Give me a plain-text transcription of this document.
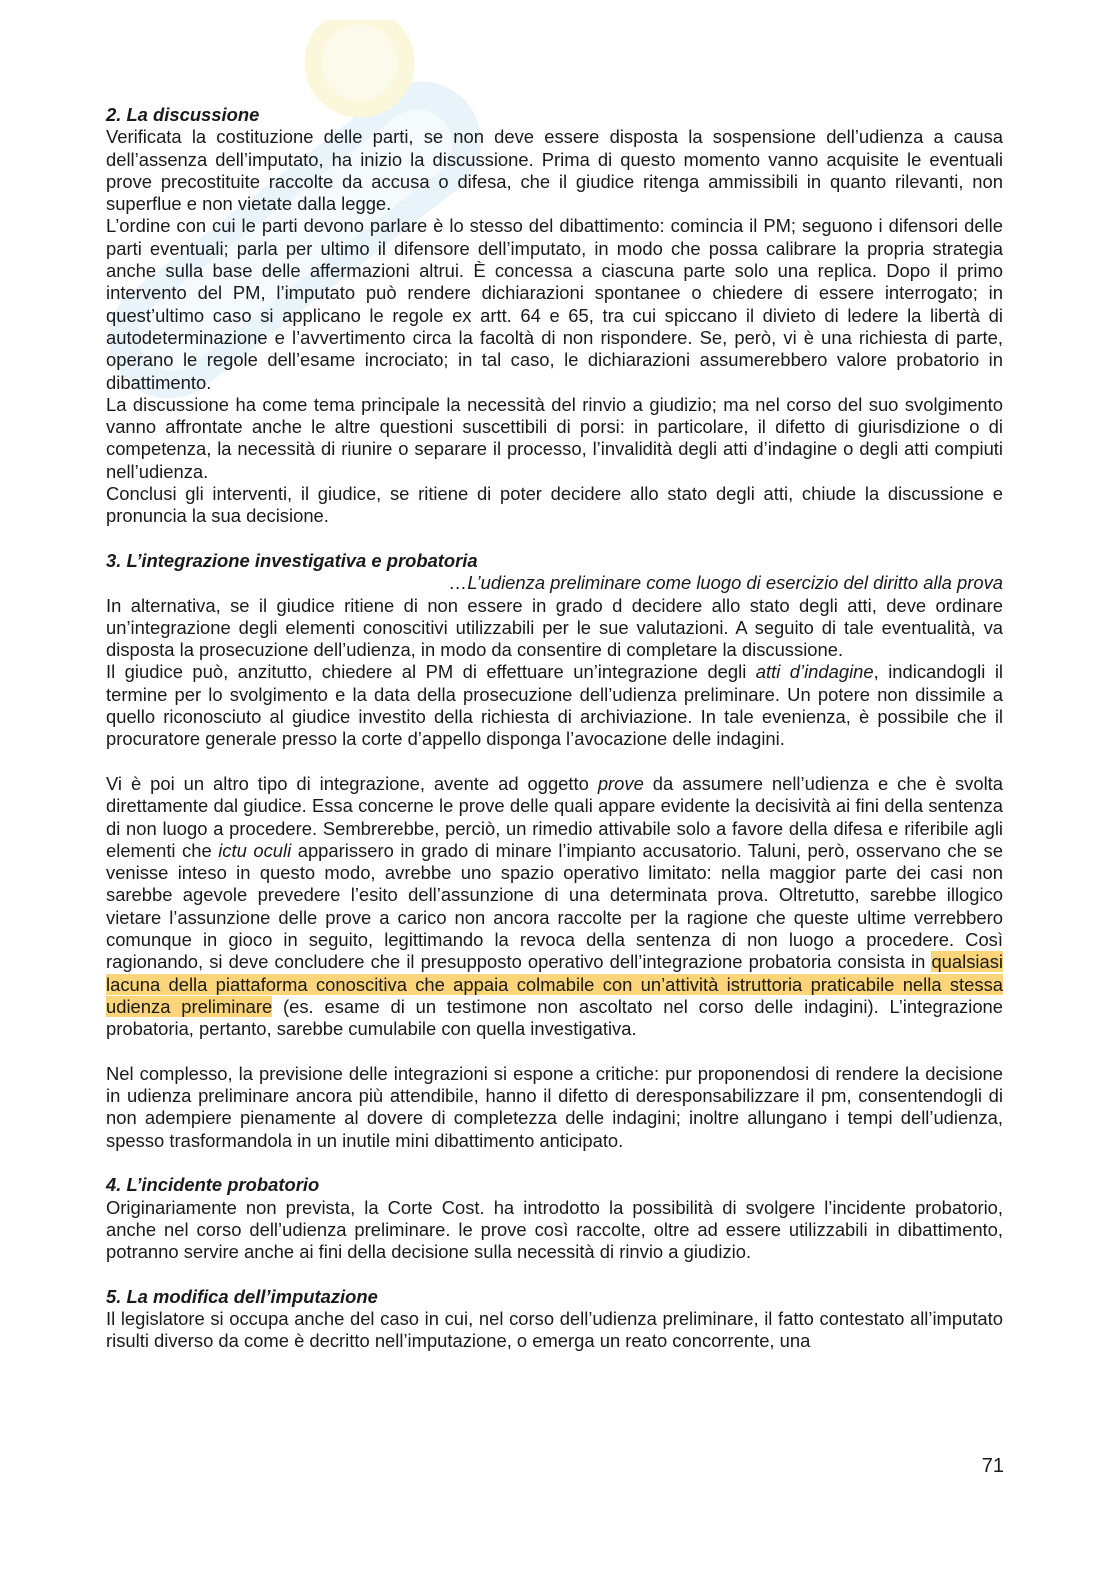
2. La discussione

Verificata la costituzione delle parti, se non deve essere disposta la sospensione dell’udienza a causa dell’assenza dell’imputato, ha inizio la discussione. Prima di questo momento vanno acquisite le eventuali prove precostituite raccolte da accusa o difesa, che il giudice ritenga ammissibili in quanto rilevanti, non superflue e non vietate dalla legge.

L’ordine con cui le parti devono parlare è lo stesso del dibattimento: comincia il PM; seguono i difensori delle parti eventuali; parla per ultimo il difensore dell’imputato, in modo che possa calibrare la propria strategia anche sulla base delle affermazioni altrui. È concessa a ciascuna parte solo una replica. Dopo il primo intervento del PM, l’imputato può rendere dichiarazioni spontanee o chiedere di essere interrogato; in quest’ultimo caso si applicano le regole ex artt. 64 e 65, tra cui spiccano il divieto di ledere la libertà di autodeterminazione e l’avvertimento circa la facoltà di non rispondere. Se, però, vi è una richiesta di parte, operano le regole dell’esame incrociato; in tal caso, le dichiarazioni assumerebbero valore probatorio in dibattimento.

La discussione ha come tema principale la necessità del rinvio a giudizio; ma nel corso del suo svolgimento vanno affrontate anche le altre questioni suscettibili di porsi: in particolare, il difetto di giurisdizione o di competenza, la necessità di riunire o separare il processo, l’invalidità degli atti d’indagine o degli atti compiuti nell’udienza.

Conclusi gli interventi, il giudice, se ritiene di poter decidere allo stato degli atti, chiude la discussione e pronuncia la sua decisione.

3. L’integrazione investigativa e probatoria

…L’udienza preliminare come luogo di esercizio del diritto alla prova

In alternativa, se il giudice ritiene di non essere in grado d decidere allo stato degli atti, deve ordinare un’integrazione degli elementi conoscitivi utilizzabili per le sue valutazioni. A seguito di tale eventualità, va disposta la prosecuzione dell’udienza, in modo da consentire di completare la discussione.

Il giudice può, anzitutto, chiedere al PM di effettuare un’integrazione degli atti d’indagine, indicandogli il termine per lo svolgimento e la data della prosecuzione dell’udienza preliminare. Un potere non dissimile a quello riconosciuto al giudice investito della richiesta di archiviazione. In tale evenienza, è possibile che il procuratore generale presso la corte d’appello disponga l’avocazione delle indagini.

Vi è poi un altro tipo di integrazione, avente ad oggetto prove da assumere nell’udienza e che è svolta direttamente dal giudice. Essa concerne le prove delle quali appare evidente la decisività ai fini della sentenza di non luogo a procedere. Sembrerebbe, perciò, un rimedio attivabile solo a favore della difesa e riferibile agli elementi che ictu oculi apparissero in grado di minare l’impianto accusatorio. Taluni, però, osservano che se venisse inteso in questo modo, avrebbe uno spazio operativo limitato: nella maggior parte dei casi non sarebbe agevole prevedere l’esito dell’assunzione di una determinata prova. Oltretutto, sarebbe illogico vietare l’assunzione delle prove a carico non ancora raccolte per la ragione che queste ultime verrebbero comunque in gioco in seguito, legittimando la revoca della sentenza di non luogo a procedere. Così ragionando, si deve concludere che il presupposto operativo dell’integrazione probatoria consista in qualsiasi lacuna della piattaforma conoscitiva che appaia colmabile con un’attività istruttoria praticabile nella stessa udienza preliminare (es. esame di un testimone non ascoltato nel corso delle indagini). L’integrazione probatoria, pertanto, sarebbe cumulabile con quella investigativa.

Nel complesso, la previsione delle integrazioni si espone a critiche: pur proponendosi di rendere la decisione in udienza preliminare ancora più attendibile, hanno il difetto di deresponsabilizzare il pm, consentendogli di non adempiere pienamente al dovere di completezza delle indagini; inoltre allungano i tempi dell’udienza, spesso trasformandola in un inutile mini dibattimento anticipato.

4. L’incidente probatorio

Originariamente non prevista, la Corte Cost. ha introdotto la possibilità di svolgere l’incidente probatorio, anche nel corso dell’udienza preliminare. le prove così raccolte, oltre ad essere utilizzabili in dibattimento, potranno servire anche ai fini della decisione sulla necessità di rinvio a giudizio.

5. La modifica dell’imputazione

Il legislatore si occupa anche del caso in cui, nel corso dell’udienza preliminare, il fatto contestato all’imputato risulti diverso da come è decritto nell’imputazione, o emerga un reato concorrente, una

71
